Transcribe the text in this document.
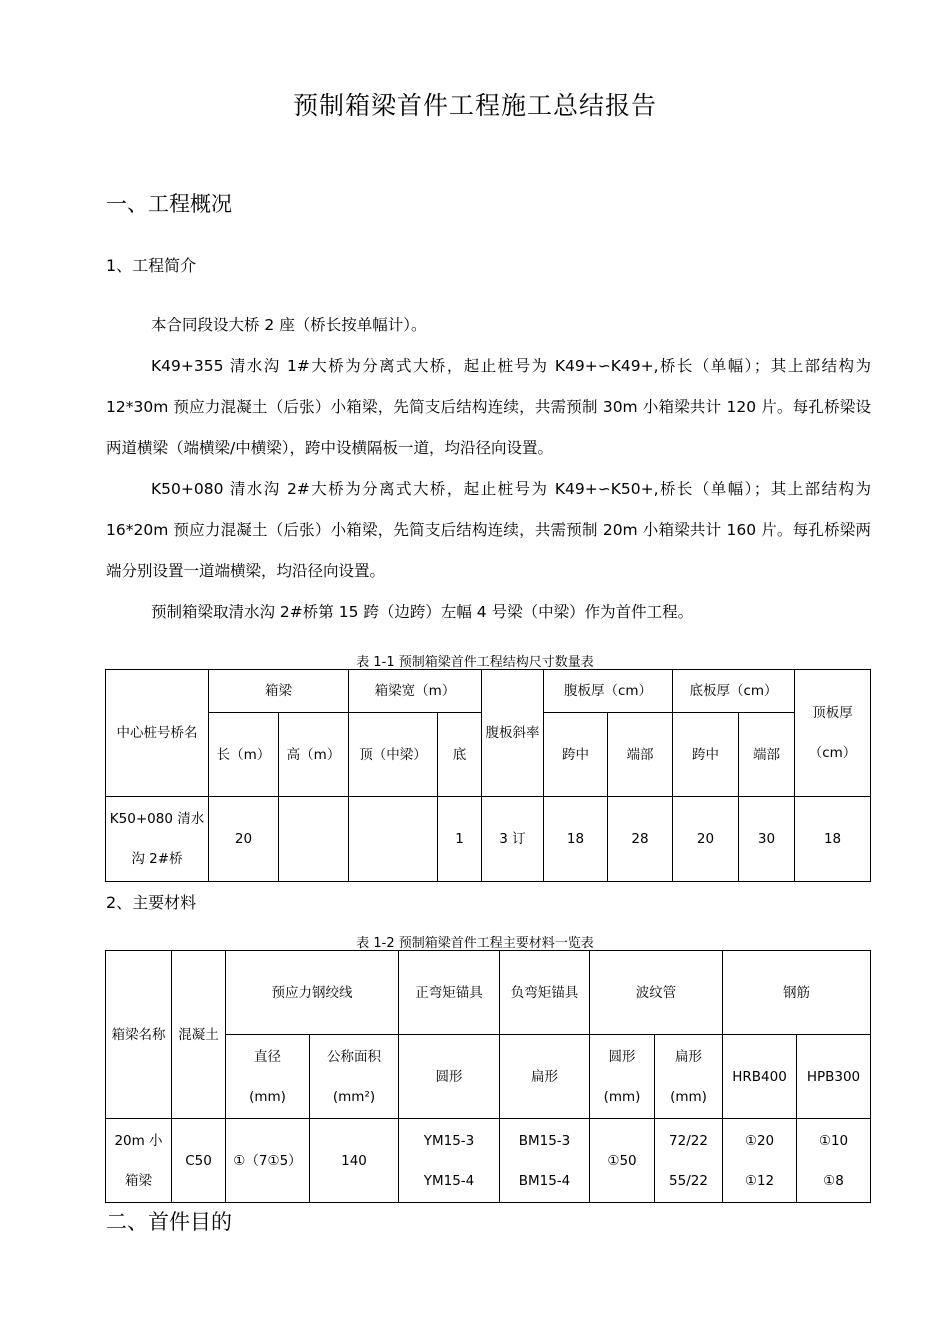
预制箱梁首件工程施工总结报告
一、工程概况
1、工程简介

本合同段设大桥 2 座（桥长按单幅计）。

K49+355 清水沟 1#大桥为分离式大桥，起止桩号为 K49+∽K49+,桥长（单幅）；其上部结构为 12*30m 预应力混凝土（后张）小箱梁，先简支后结构连续，共需预制 30m 小箱梁共计 120 片。每孔桥梁设两道横梁（端横梁/中横梁），跨中设横隔板一道，均沿径向设置。

K50+080 清水沟 2#大桥为分离式大桥，起止桩号为 K49+∽K50+,桥长（单幅）；其上部结构为 16*20m 预应力混凝土（后张）小箱梁，先简支后结构连续，共需预制 20m 小箱梁共计 160 片。每孔桥梁两端分别设置一道端横梁，均沿径向设置。

预制箱梁取清水沟 2#桥第 15 跨（边跨）左幅 4 号梁（中梁）作为首件工程。

表 1-1 预制箱梁首件工程结构尺寸数量表
中心桩号桥名	箱梁		箱梁宽（m）		腹板斜率	腹板厚（cm）		底板厚（cm）		顶板厚（cm）

	长（m）	高（m）	顶（中梁）	底		跨中	端部	跨中	端部	

K50+080 清水沟 2#桥	20			1	3 订	18	28	20	30	18
2、主要材料
表 1-2 预制箱梁首件工程主要材料一览表
箱梁名称	混凝土	预应力钢绞线		正弯矩锚具	负弯矩锚具	波纹管		钢筋	

		直径
(mm)	公称面积
(mm²)	圆形	扁形	圆形
(mm)	扁形
(mm)	HRB400	HPB300

20m 小箱梁	C50	①（7①5）	140	YM15-3
YM15-4	BM15-3
BM15-4	①50	72/22
55/22	①20
①12	①10
①8
二、首件目的
